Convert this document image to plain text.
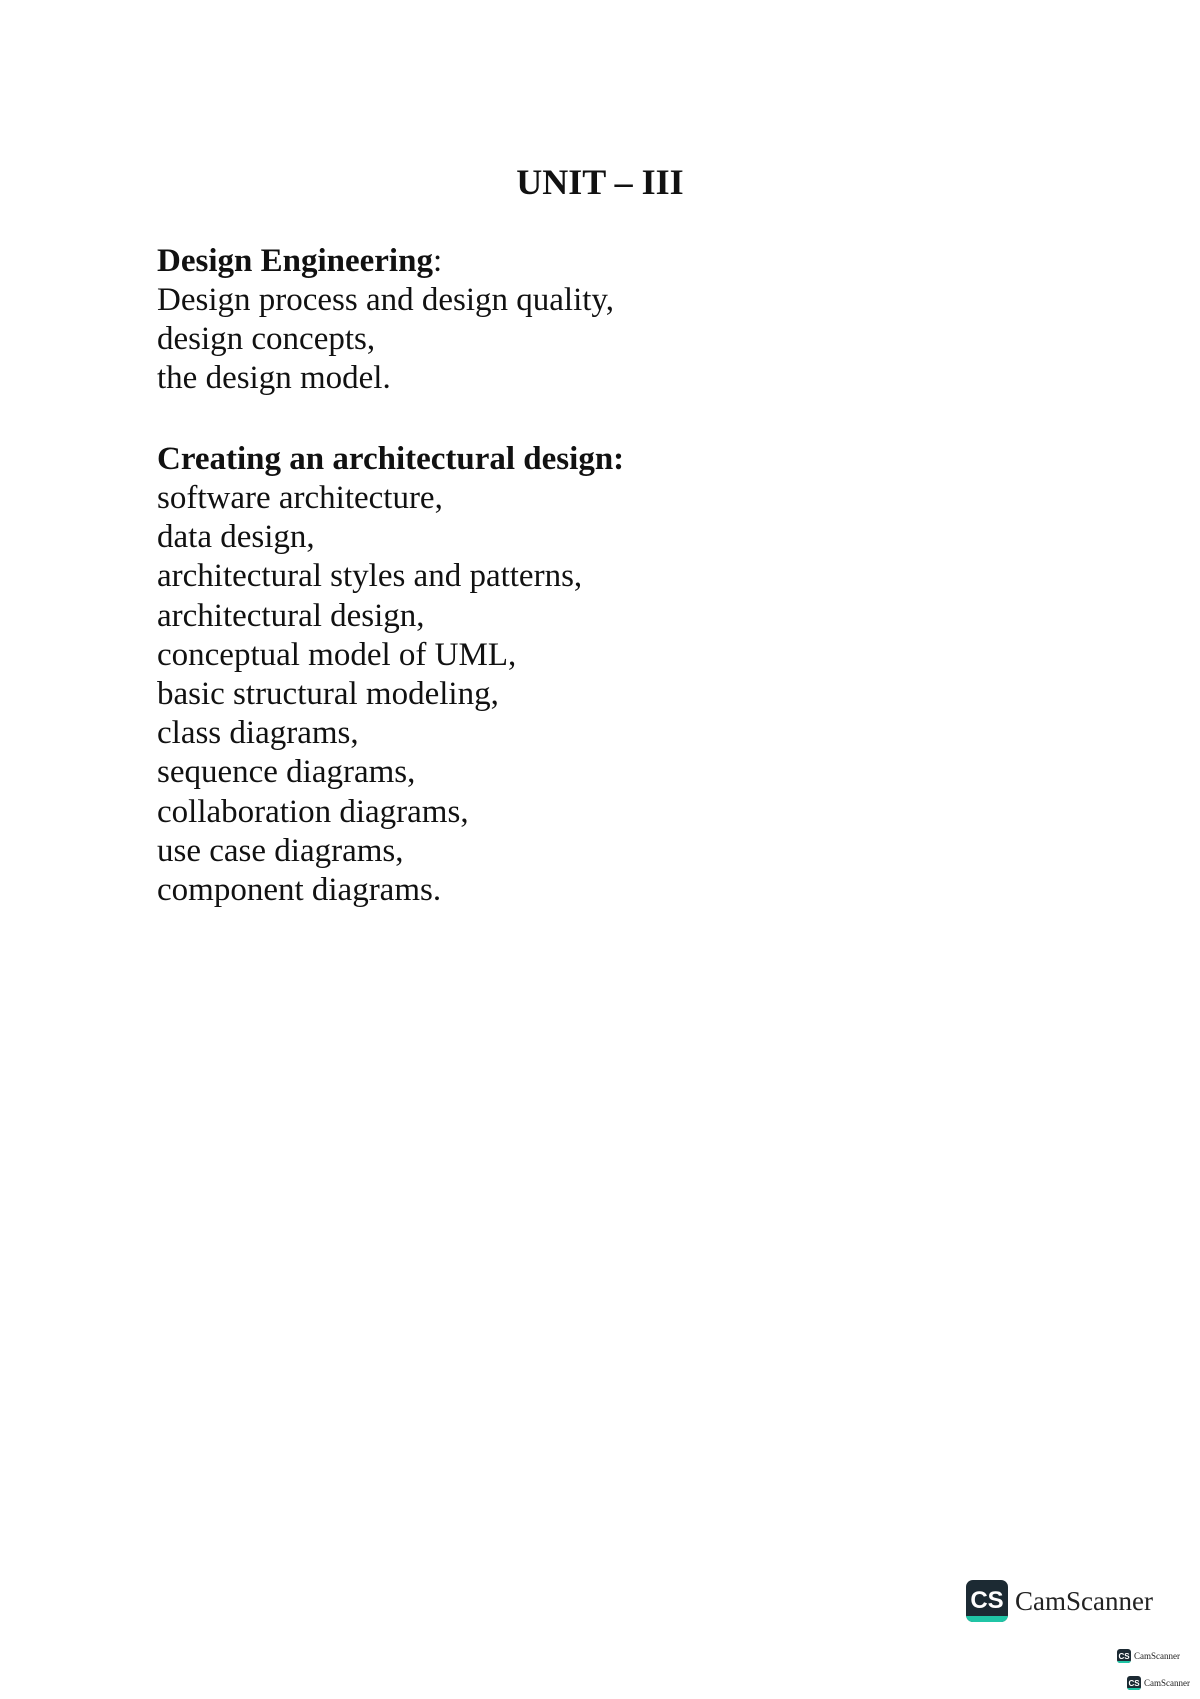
UNIT – III
Design Engineering:
Design process and design quality,
design concepts,
the design model.
Creating an architectural design:
software architecture,
data design,
architectural styles and patterns,
architectural design,
conceptual model of UML,
basic structural modeling,
class diagrams,
sequence diagrams,
collaboration diagrams,
use case diagrams,
component diagrams.
CS CamScanner
CS CamScanner
CS CamScanner
